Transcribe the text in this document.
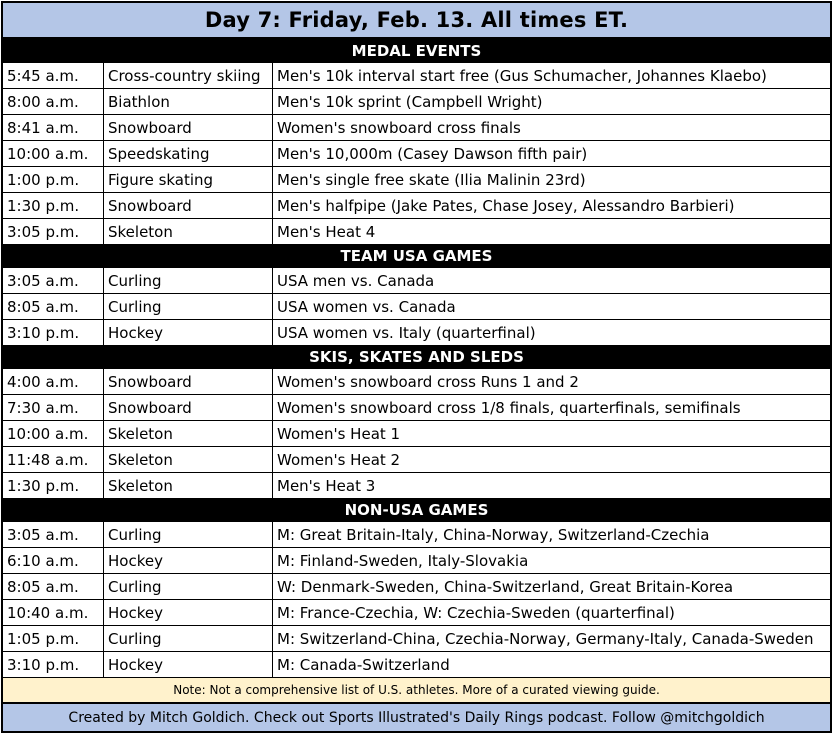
Day 7: Friday, Feb. 13. All times ET.
MEDAL EVENTS
5:45 a.m.	Cross-country skiing	Men's 10k interval start free (Gus Schumacher, Johannes Klaebo)
8:00 a.m.	Biathlon	Men's 10k sprint (Campbell Wright)
8:41 a.m.	Snowboard	Women's snowboard cross finals
10:00 a.m.	Speedskating	Men's 10,000m (Casey Dawson fifth pair)
1:00 p.m.	Figure skating	Men's single free skate (Ilia Malinin 23rd)
1:30 p.m.	Snowboard	Men's halfpipe (Jake Pates, Chase Josey, Alessandro Barbieri)
3:05 p.m.	Skeleton	Men's Heat 4
TEAM USA GAMES
3:05 a.m.	Curling	USA men vs. Canada
8:05 a.m.	Curling	USA women vs. Canada
3:10 p.m.	Hockey	USA women vs. Italy (quarterfinal)
SKIS, SKATES AND SLEDS
4:00 a.m.	Snowboard	Women's snowboard cross Runs 1 and 2
7:30 a.m.	Snowboard	Women's snowboard cross 1/8 finals, quarterfinals, semifinals
10:00 a.m.	Skeleton	Women's Heat 1
11:48 a.m.	Skeleton	Women's Heat 2
1:30 p.m.	Skeleton	Men's Heat 3
NON-USA GAMES
3:05 a.m.	Curling	M: Great Britain-Italy, China-Norway, Switzerland-Czechia
6:10 a.m.	Hockey	M: Finland-Sweden, Italy-Slovakia
8:05 a.m.	Curling	W: Denmark-Sweden, China-Switzerland, Great Britain-Korea
10:40 a.m.	Hockey	M: France-Czechia, W: Czechia-Sweden (quarterfinal)
1:05 p.m.	Curling	M: Switzerland-China, Czechia-Norway, Germany-Italy, Canada-Sweden
3:10 p.m.	Hockey	M: Canada-Switzerland
Note: Not a comprehensive list of U.S. athletes. More of a curated viewing guide.
Created by Mitch Goldich. Check out Sports Illustrated's Daily Rings podcast. Follow @mitchgoldich
